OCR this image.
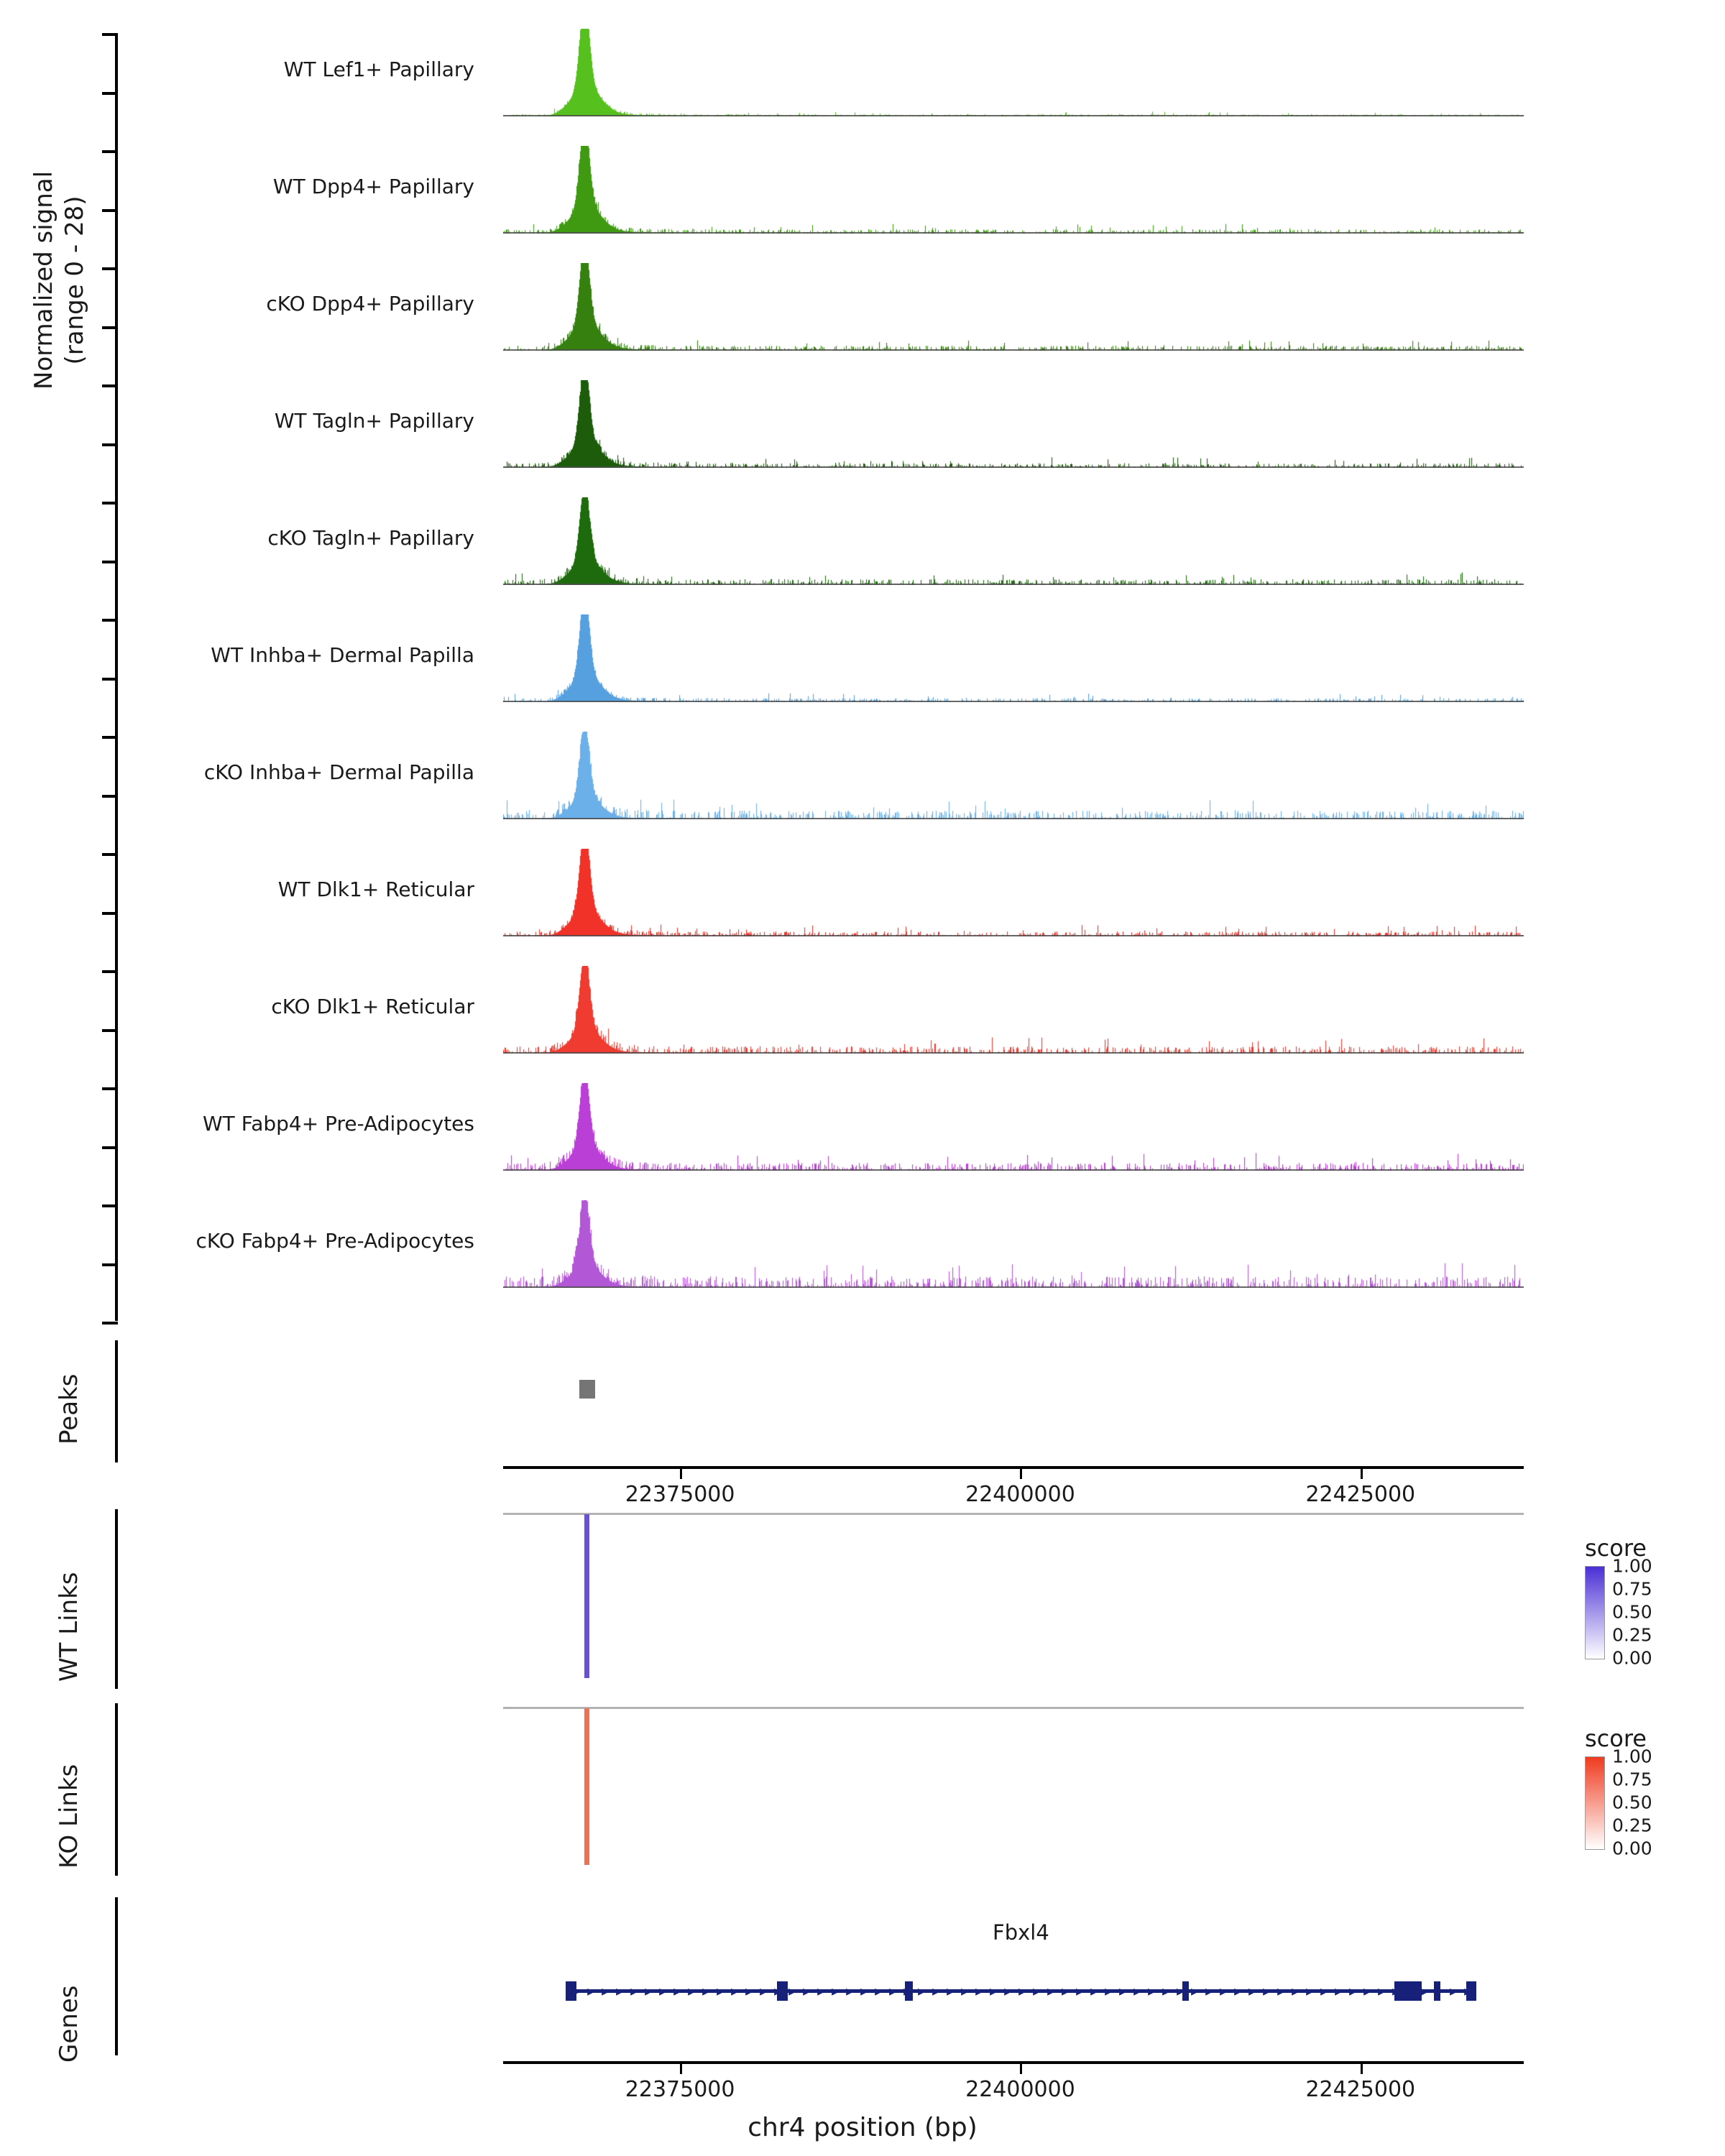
Normalized signal (range 0 - 28)
WT Lef1+ Papillary
WT Dpp4+ Papillary
cKO Dpp4+ Papillary
WT Tagln+ Papillary
cKO Tagln+ Papillary
WT Inhba+ Dermal Papilla
cKO Inhba+ Dermal Papilla
WT Dlk1+ Reticular
cKO Dlk1+ Reticular
WT Fabp4+ Pre-Adipocytes
cKO Fabp4+ Pre-Adipocytes
Peaks
22375000	22400000	22425000
WT Links
KO Links
Genes
Fbxl4
▸ ▸ ▸ ▸ ▸ ▸ ▸ ▸ ▸ ▸ ▸ ▸ ▸ ▸ ▸ ▸ ▸ ▸ ▸ ▸ ▸ ▸ ▸ ▸ ▸ ▸ ▸ ▸ ▸ ▸ ▸ ▸ ▸ ▸ ▸ ▸ ▸ ▸ ▸ ▸ ▸ ▸ ▸ ▸ ▸ ▸ ▸ ▸ ▸ ▸ ▸ ▸ ▸ ▸ ▸ ▸ ▸ ▸ ▸ ▸ ▸ ▸ ▸
22375000	22400000	22425000
chr4 position (bp)
score
1.00
0.75
0.50
0.25
0.00
score
1.00
0.75
0.50
0.25
0.00
